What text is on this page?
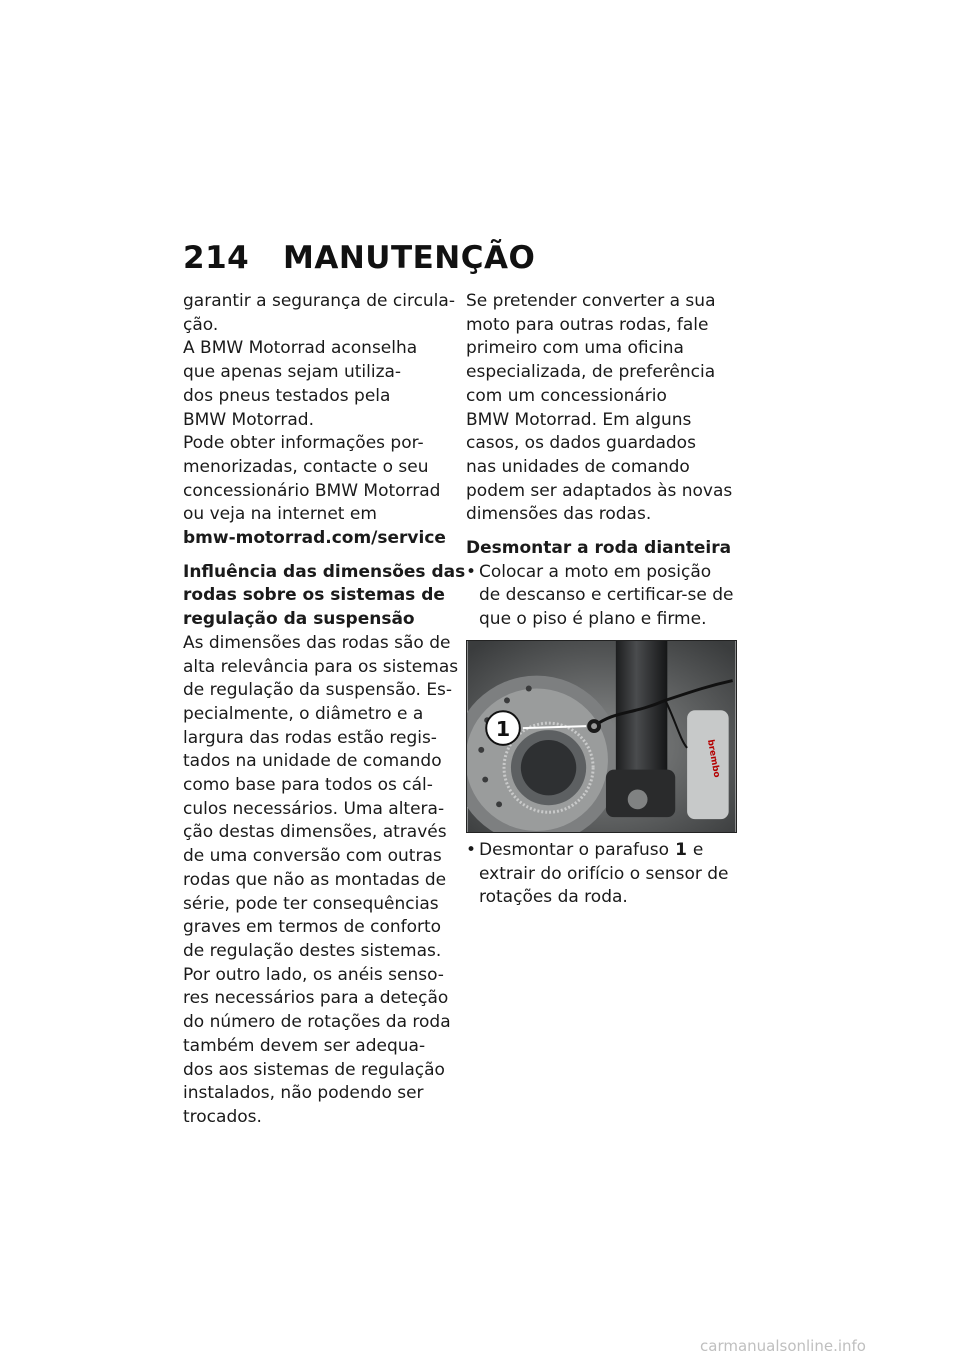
214 MANUTENÇÃO
garantir a segurança de circula-
ção.
A BMW Motorrad aconselha
que apenas sejam utiliza-
dos pneus testados pela
BMW Motorrad.
Pode obter informações por-
menorizadas, contacte o seu
concessionário BMW Motorrad
ou veja na internet em
bmw-motorrad.com/service
Influência das dimensões das
rodas sobre os sistemas de
regulação da suspensão
As dimensões das rodas são de
alta relevância para os sistemas
de regulação da suspensão. Es-
pecialmente, o diâmetro e a
largura das rodas estão regis-
tados na unidade de comando
como base para todos os cál-
culos necessários. Uma altera-
ção destas dimensões, através
de uma conversão com outras
rodas que não as montadas de
série, pode ter consequências
graves em termos de conforto
de regulação destes sistemas.
Por outro lado, os anéis senso-
res necessários para a deteção
do número de rotações da roda
também devem ser adequa-
dos aos sistemas de regulação
instalados, não podendo ser
trocados.
Se pretender converter a sua
moto para outras rodas, fale
primeiro com uma oficina
especializada, de preferência
com um concessionário
BMW Motorrad. Em alguns
casos, os dados guardados
nas unidades de comando
podem ser adaptados às novas
dimensões das rodas.
Desmontar a roda dianteira
• Colocar a moto em posição
de descanso e certificar-se de
que o piso é plano e firme.
brembo
1
• Desmontar o parafuso 1 e
extrair do orifício o sensor de
rotações da roda.
carmanualsonline.info
